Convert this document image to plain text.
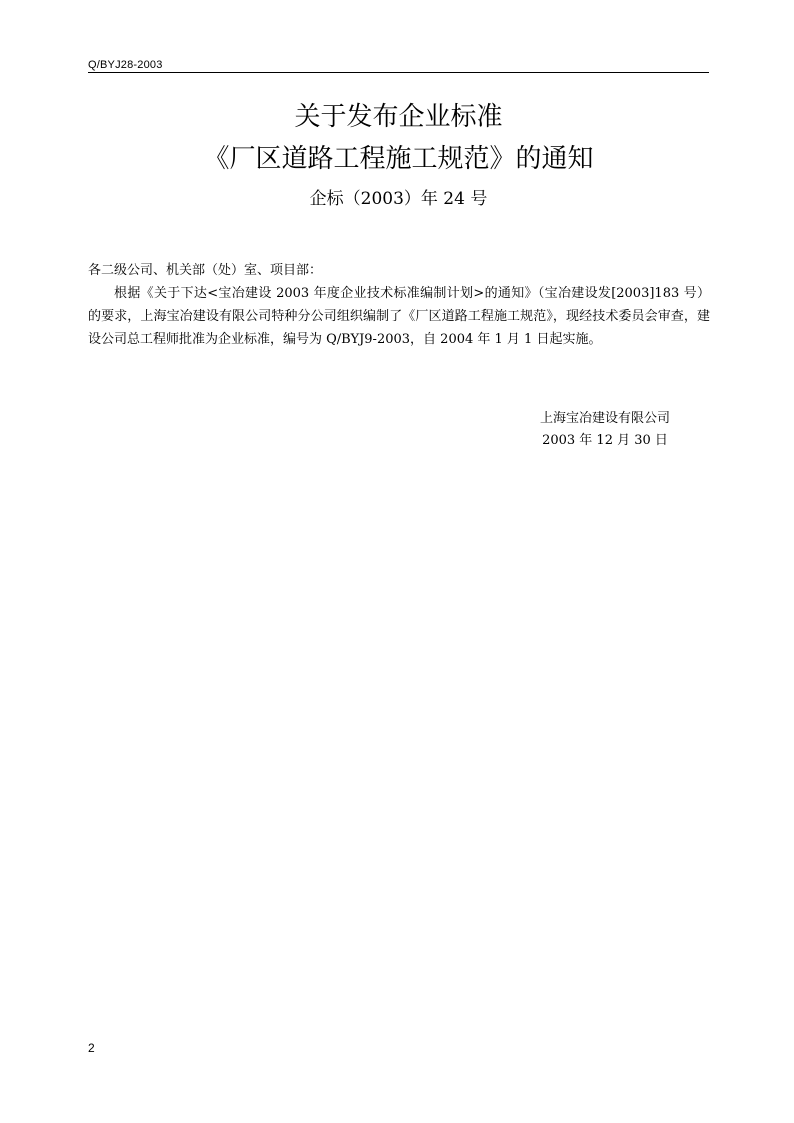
Q/BYJ28-2003
关于发布企业标准
《厂区道路工程施工规范》的通知
企标（2003）年 24 号
各二级公司、机关部（处）室、项目部：
根据《关于下达<宝冶建设 2003 年度企业技术标准编制计划>的通知》（宝冶建设发[2003]183 号）的要求，上海宝冶建设有限公司特种分公司组织编制了《厂区道路工程施工规范》，现经技术委员会审查，建设公司总工程师批准为企业标准，编号为 Q/BYJ9-2003，自 2004 年 1 月 1 日起实施。
上海宝冶建设有限公司
2003 年 12 月 30 日
2
